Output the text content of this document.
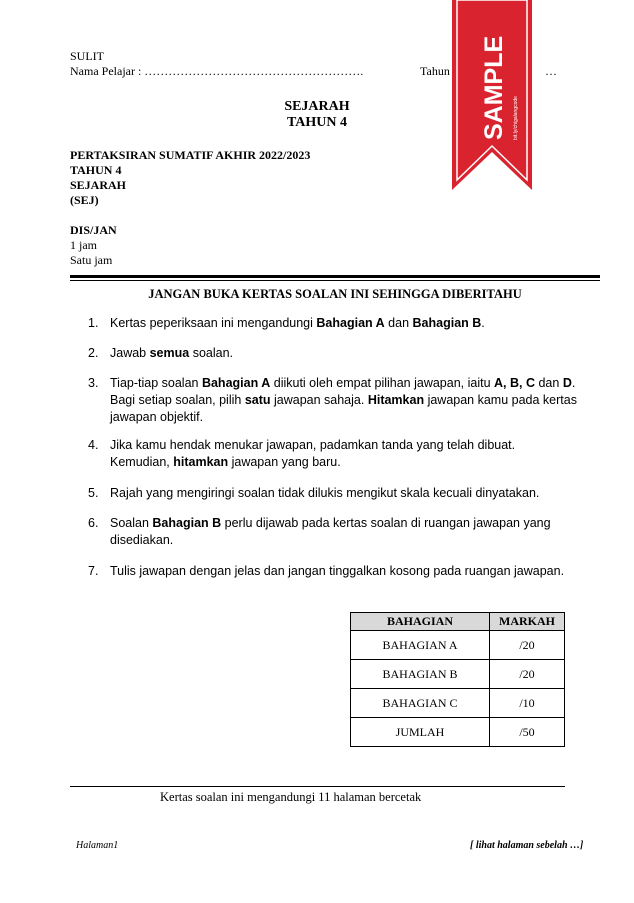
SULIT
Nama Pelajar : ……………………………………………….	Tahun	…
SEJARAH
TAHUN 4
PERTAKSIRAN SUMATIF AKHIR 2022/2023
TAHUN 4
SEJARAH
(SEJ)
DIS/JAN
1 jam
Satu jam
JANGAN BUKA KERTAS SOALAN INI SEHINGGA DIBERITAHU
1. Kertas peperiksaan ini mengandungi Bahagian A dan Bahagian B.
2. Jawab semua soalan.
3. Tiap-tiap soalan Bahagian A diikuti oleh empat pilihan jawapan, iaitu A, B, C dan D. Bagi setiap soalan, pilih satu jawapan sahaja. Hitamkan jawapan kamu pada kertas jawapan objektif.
4. Jika kamu hendak menukar jawapan, padamkan tanda yang telah dibuat. Kemudian, hitamkan jawapan yang baru.
5. Rajah yang mengiringi soalan tidak dilukis mengikut skala kecuali dinyatakan.
6. Soalan Bahagian B perlu dijawab pada kertas soalan di ruangan jawapan yang disediakan.
7. Tulis jawapan dengan jelas dan jangan tinggalkan kosong pada ruangan jawapan.
BAHAGIAN	MARKAH
BAHAGIAN A	/20
BAHAGIAN B	/20
BAHAGIAN C	/10
JUMLAH	/50
Kertas soalan ini mengandungi 11 halaman bercetak
Halaman1	[ lihat halaman sebelah …]
SAMPLE bit.ly/chigalangcode
